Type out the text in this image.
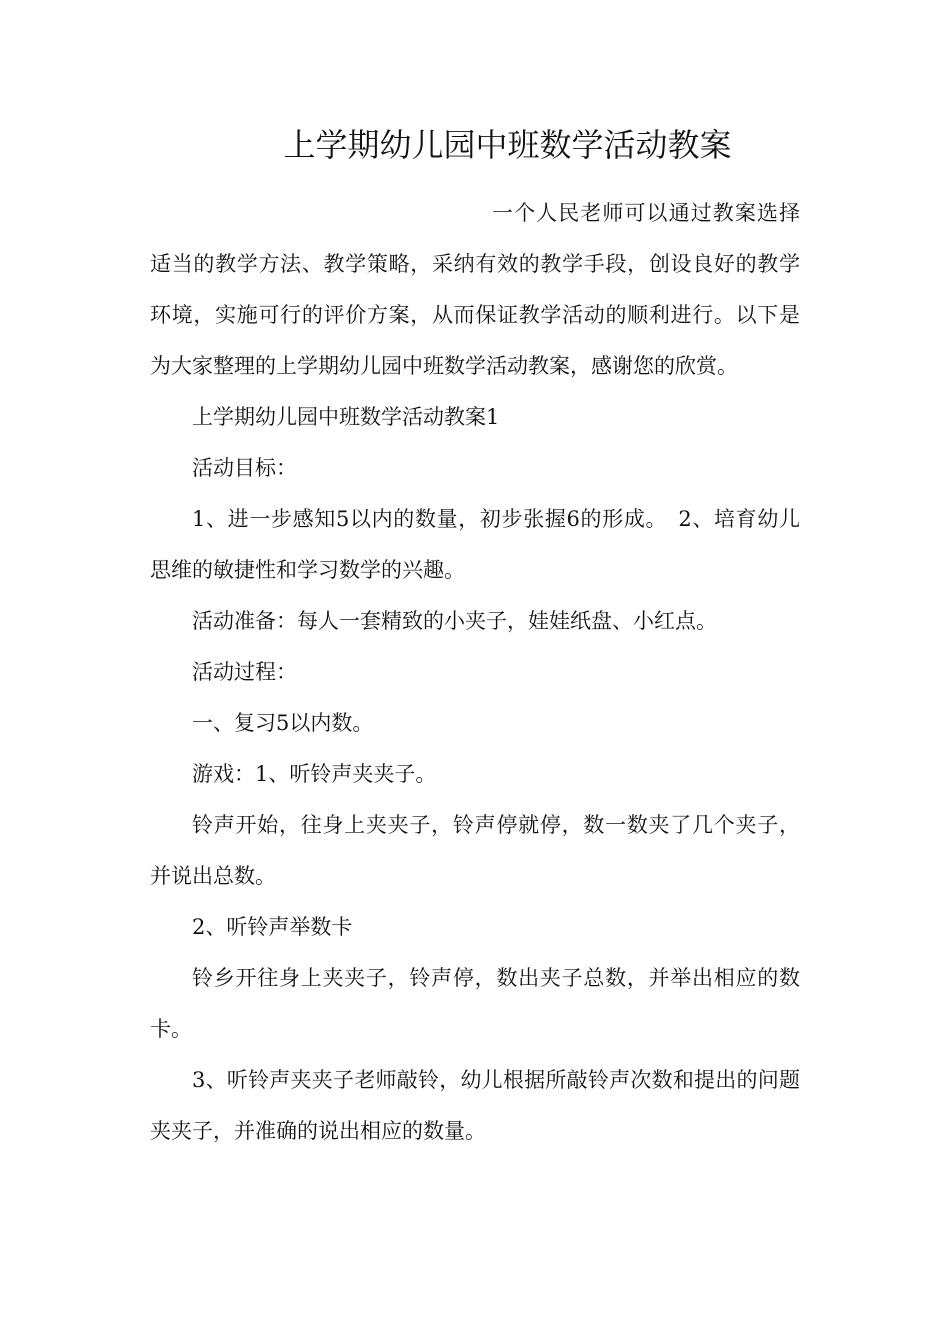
上学期幼儿园中班数学活动教案

一个人民老师可以通过教案选择适当的教学方法、教学策略，采纳有效的教学手段，创设良好的教学环境，实施可行的评价方案，从而保证教学活动的顺利进行。以下是为大家整理的上学期幼儿园中班数学活动教案，感谢您的欣赏。

上学期幼儿园中班数学活动教案1

活动目标：

1、进一步感知5以内的数量，初步张握6的形成。　2、培育幼儿思维的敏捷性和学习数学的兴趣。

活动准备：每人一套精致的小夹子，娃娃纸盘、小红点。

活动过程：

一、复习5以内数。

游戏：1、听铃声夹夹子。

铃声开始，往身上夹夹子，铃声停就停，数一数夹了几个夹子，并说出总数。

2、听铃声举数卡

铃乡开往身上夹夹子，铃声停，数出夹子总数，并举出相应的数卡。

3、听铃声夹夹子老师敲铃，幼儿根据所敲铃声次数和提出的问题夹夹子，并准确的说出相应的数量。
